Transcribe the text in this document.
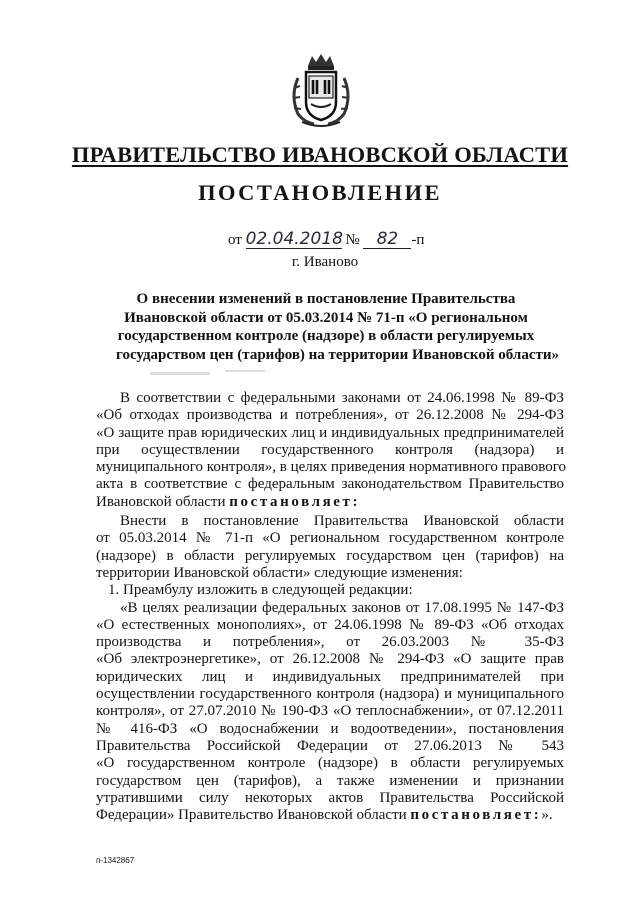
ПРАВИТЕЛЬСТВО ИВАНОВСКОЙ ОБЛАСТИ
ПОСТАНОВЛЕНИЕ
от 02.04.2018 № 82 -п
г. Иваново
О внесении изменений в постановление Правительства
Ивановской области от 05.03.2014 № 71-п «О региональном
государственном контроле (надзоре) в области регулируемых
государством цен (тарифов) на территории Ивановской области»
В соответствии с федеральными законами от 24.06.1998 № 89-ФЗ
«Об отходах производства и потребления», от 26.12.2008 № 294-ФЗ
«О защите прав юридических лиц и индивидуальных предпринимателей
при осуществлении государственного контроля (надзора) и
муниципального контроля», в целях приведения нормативного правового
акта в соответствие с федеральным законодательством Правительство
Ивановской области постановляет:
Внести в постановление Правительства Ивановской области
от 05.03.2014 № 71-п «О региональном государственном контроле
(надзоре) в области регулируемых государством цен (тарифов) на
территории Ивановской области» следующие изменения:
1. Преамбулу изложить в следующей редакции:
«В целях реализации федеральных законов от 17.08.1995 № 147-ФЗ
«О естественных монополиях», от 24.06.1998 № 89-ФЗ «Об отходах
производства и потребления», от 26.03.2003 № 35-ФЗ
«Об электроэнергетике», от 26.12.2008 № 294-ФЗ «О защите прав
юридических лиц и индивидуальных предпринимателей при
осуществлении государственного контроля (надзора) и муниципального
контроля», от 27.07.2010 № 190-ФЗ «О теплоснабжении», от 07.12.2011
№ 416-ФЗ «О водоснабжении и водоотведении», постановления
Правительства Российской Федерации от 27.06.2013 № 543
«О государственном контроле (надзоре) в области регулируемых
государством цен (тарифов), а также изменении и признании
утратившими силу некоторых актов Правительства Российской
Федерации» Правительство Ивановской области постановляет:».
п-1342867
